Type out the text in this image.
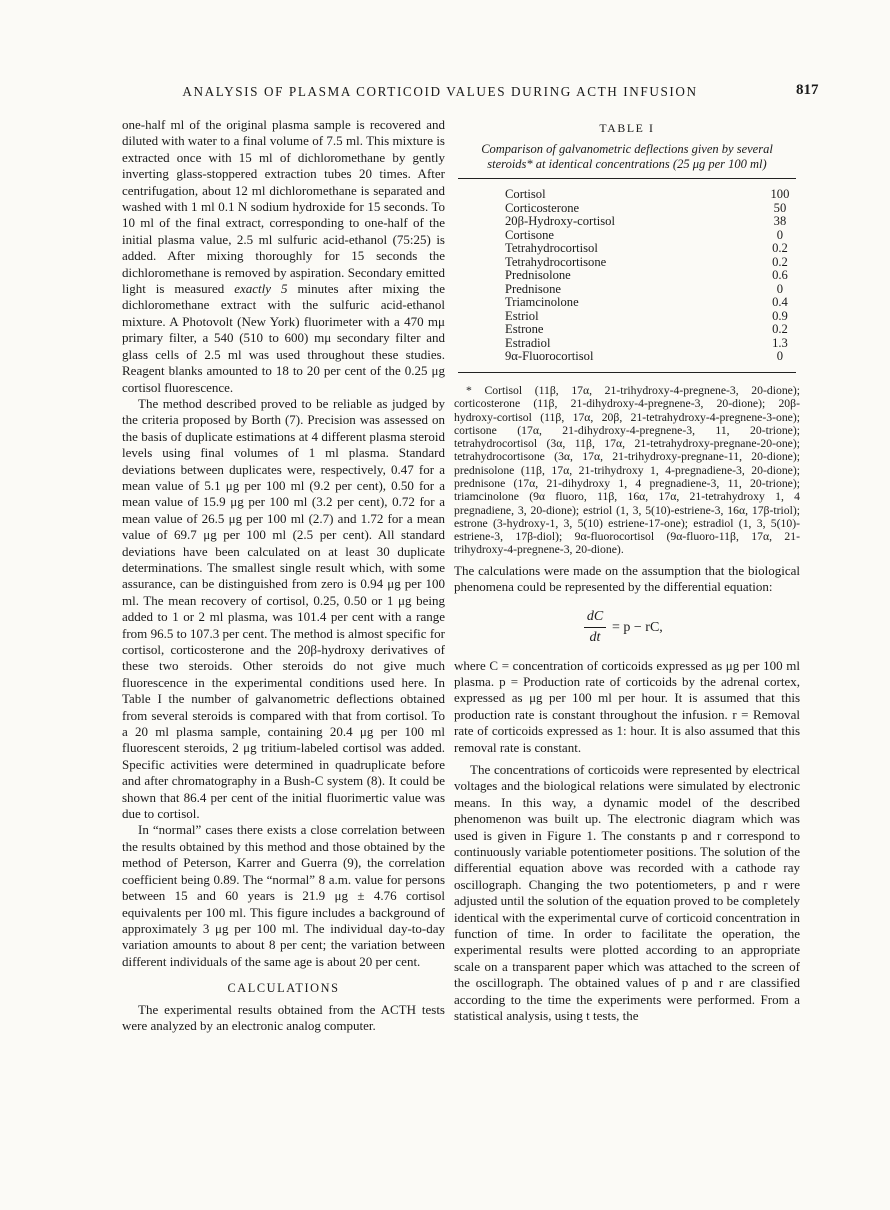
ANALYSIS OF PLASMA CORTICOID VALUES DURING ACTH INFUSION	817

one-half ml of the original plasma sample is recovered and diluted with water to a final volume of 7.5 ml. This mixture is extracted once with 15 ml of dichloromethane by gently inverting glass-stoppered extraction tubes 20 times. After centrifugation, about 12 ml dichloromethane is separated and washed with 1 ml 0.1 N sodium hydroxide for 15 seconds. To 10 ml of the final extract, corresponding to one-half of the initial plasma value, 2.5 ml sulfuric acid-ethanol (75:25) is added. After mixing thoroughly for 15 seconds the dichloromethane is removed by aspiration. Secondary emitted light is measured exactly 5 minutes after mixing the dichloromethane extract with the sulfuric acid-ethanol mixture. A Photovolt (New York) fluorimeter with a 470 mμ primary filter, a 540 (510 to 600) mμ secondary filter and glass cells of 2.5 ml was used throughout these studies. Reagent blanks amounted to 18 to 20 per cent of the 0.25 μg cortisol fluorescence.

The method described proved to be reliable as judged by the criteria proposed by Borth (7). Precision was assessed on the basis of duplicate estimations at 4 different plasma steroid levels using final volumes of 1 ml plasma. Standard deviations between duplicates were, respectively, 0.47 for a mean value of 5.1 μg per 100 ml (9.2 per cent), 0.50 for a mean value of 15.9 μg per 100 ml (3.2 per cent), 0.72 for a mean value of 26.5 μg per 100 ml (2.7) and 1.72 for a mean value of 69.7 μg per 100 ml (2.5 per cent). All standard deviations have been calculated on at least 30 duplicate determinations. The smallest single result which, with some assurance, can be distinguished from zero is 0.94 μg per 100 ml. The mean recovery of cortisol, 0.25, 0.50 or 1 μg being added to 1 or 2 ml plasma, was 101.4 per cent with a range from 96.5 to 107.3 per cent. The method is almost specific for cortisol, corticosterone and the 20β-hydroxy derivatives of these two steroids. Other steroids do not give much fluorescence in the experimental conditions used here. In Table I the number of galvanometric deflections obtained from several steroids is compared with that from cortisol. To a 20 ml plasma sample, containing 20.4 μg per 100 ml fluorescent steroids, 2 μg tritium-labeled cortisol was added. Specific activities were determined in quadruplicate before and after chromatography in a Bush-C system (8). It could be shown that 86.4 per cent of the initial fluorimertic value was due to cortisol.

In “normal” cases there exists a close correlation between the results obtained by this method and those obtained by the method of Peterson, Karrer and Guerra (9), the correlation coefficient being 0.89. The “normal” 8 a.m. value for persons between 15 and 60 years is 21.9 μg ± 4.76 cortisol equivalents per 100 ml. This figure includes a background of approximately 3 μg per 100 ml. The individual day-to-day variation amounts to about 8 per cent; the variation between different individuals of the same age is about 20 per cent.

CALCULATIONS

The experimental results obtained from the ACTH tests were analyzed by an electronic analog computer.

TABLE I

Comparison of galvanometric deflections given by several steroids* at identical concentrations (25 μg per 100 ml)

Cortisol	100
Corticosterone	50
20β-Hydroxy-cortisol	38
Cortisone	0
Tetrahydrocortisol	0.2
Tetrahydrocortisone	0.2
Prednisolone	0.6
Prednisone	0
Triamcinolone	0.4
Estriol	0.9
Estrone	0.2
Estradiol	1.3
9α-Fluorocortisol	0

* Cortisol (11β, 17α, 21-trihydroxy-4-pregnene-3, 20-dione); corticosterone (11β, 21-dihydroxy-4-pregnene-3, 20-dione); 20β-hydroxy-cortisol (11β, 17α, 20β, 21-tetrahydroxy-4-pregnene-3-one); cortisone (17α, 21-dihydroxy-4-pregnene-3, 11, 20-trione); tetrahydrocortisol (3α, 11β, 17α, 21-tetrahydroxy-pregnane-20-one); tetrahydrocortisone (3α, 17α, 21-trihydroxy-pregnane-11, 20-dione); prednisolone (11β, 17α, 21-trihydroxy 1, 4-pregnadiene-3, 20-dione); prednisone (17α, 21-dihydroxy 1, 4 pregnadiene-3, 11, 20-trione); triamcinolone (9α fluoro, 11β, 16α, 17α, 21-tetrahydroxy 1, 4 pregnadiene, 3, 20-dione); estriol (1, 3, 5(10)-estriene-3, 16α, 17β-triol); estrone (3-hydroxy-1, 3, 5(10) estriene-17-one); estradiol (1, 3, 5(10)-estriene-3, 17β-diol); 9α-fluorocortisol (9α-fluoro-11β, 17α, 21-trihydroxy-4-pregnene-3, 20-dione).

The calculations were made on the assumption that the biological phenomena could be represented by the differential equation:

dC
dt
= p − rC,

where C = concentration of corticoids expressed as μg per 100 ml plasma. p = Production rate of corticoids by the adrenal cortex, expressed as μg per 100 ml per hour. It is assumed that this production rate is constant throughout the infusion. r = Removal rate of corticoids expressed as 1: hour. It is also assumed that this removal rate is constant.

The concentrations of corticoids were represented by electrical voltages and the biological relations were simulated by electronic means. In this way, a dynamic model of the described phenomenon was built up. The electronic diagram which was used is given in Figure 1. The constants p and r correspond to continuously variable potentiometer positions. The solution of the differential equation above was recorded with a cathode ray oscillograph. Changing the two potentiometers, p and r were adjusted until the solution of the equation proved to be completely identical with the experimental curve of corticoid concentration in function of time. In order to facilitate the operation, the experimental results were plotted according to an appropriate scale on a transparent paper which was attached to the screen of the oscillograph. The obtained values of p and r are classified according to the time the experiments were performed. From a statistical analysis, using t tests, the
